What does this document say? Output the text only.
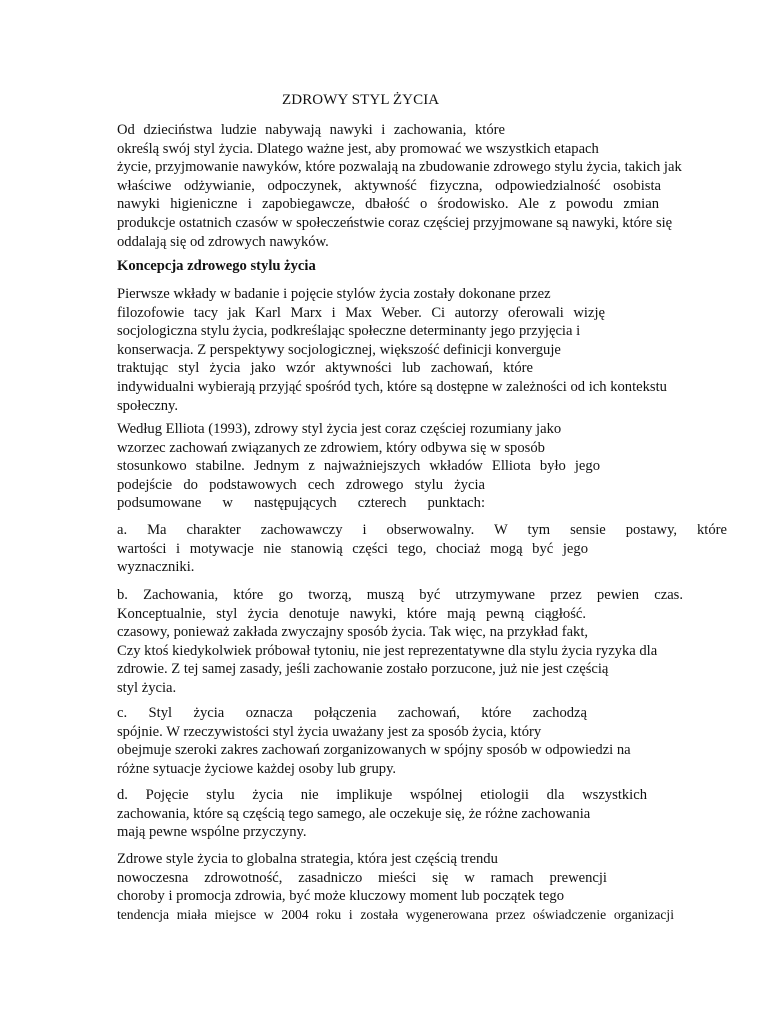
ZDROWY STYL ŻYCIA
Od dzieciństwa ludzie nabywają nawyki i zachowania, które
określą swój styl życia. Dlatego ważne jest, aby promować we wszystkich etapach
życie, przyjmowanie nawyków, które pozwalają na zbudowanie zdrowego stylu życia, takich jak
właściwe odżywianie, odpoczynek, aktywność fizyczna, odpowiedzialność osobista
nawyki higieniczne i zapobiegawcze, dbałość o środowisko. Ale z powodu zmian
produkcje ostatnich czasów w społeczeństwie coraz częściej przyjmowane są nawyki, które się
oddalają się od zdrowych nawyków.
Koncepcja zdrowego stylu życia
Pierwsze wkłady w badanie i pojęcie stylów życia zostały dokonane przez
filozofowie tacy jak Karl Marx i Max Weber. Ci autorzy oferowali wizję
socjologiczna stylu życia, podkreślając społeczne determinanty jego przyjęcia i
konserwacja. Z perspektywy socjologicznej, większość definicji konverguje
traktując styl życia jako wzór aktywności lub zachowań, które
indywidualni wybierają przyjąć spośród tych, które są dostępne w zależności od ich kontekstu
społeczny.
Według Elliota (1993), zdrowy styl życia jest coraz częściej rozumiany jako
wzorzec zachowań związanych ze zdrowiem, który odbywa się w sposób
stosunkowo stabilne. Jednym z najważniejszych wkładów Elliota było jego
podejście do podstawowych cech zdrowego stylu życia
podsumowane w następujących czterech punktach:
a. Ma charakter zachowawczy i obserwowalny. W tym sensie postawy, które
wartości i motywacje nie stanowią części tego, chociaż mogą być jego
wyznaczniki.
b. Zachowania, które go tworzą, muszą być utrzymywane przez pewien czas.
Konceptualnie, styl życia denotuje nawyki, które mają pewną ciągłość.
czasowy, ponieważ zakłada zwyczajny sposób życia. Tak więc, na przykład fakt,
Czy ktoś kiedykolwiek próbował tytoniu, nie jest reprezentatywne dla stylu życia ryzyka dla
zdrowie. Z tej samej zasady, jeśli zachowanie zostało porzucone, już nie jest częścią
styl życia.
c. Styl życia oznacza połączenia zachowań, które zachodzą
spójnie. W rzeczywistości styl życia uważany jest za sposób życia, który
obejmuje szeroki zakres zachowań zorganizowanych w spójny sposób w odpowiedzi na
różne sytuacje życiowe każdej osoby lub grupy.
d. Pojęcie stylu życia nie implikuje wspólnej etiologii dla wszystkich
zachowania, które są częścią tego samego, ale oczekuje się, że różne zachowania
mają pewne wspólne przyczyny.
Zdrowe style życia to globalna strategia, która jest częścią trendu
nowoczesna zdrowotność, zasadniczo mieści się w ramach prewencji
choroby i promocja zdrowia, być może kluczowy moment lub początek tego
tendencja miała miejsce w 2004 roku i została wygenerowana przez oświadczenie organizacji
